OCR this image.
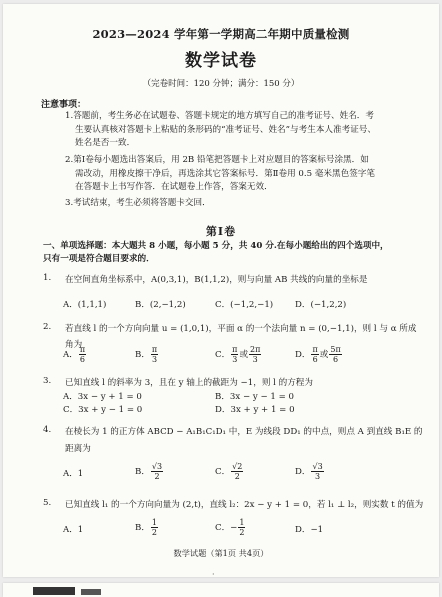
2023—2024 学年第一学期高二年期中质量检测
数学试卷
（完卷时间：120 分钟；满分：150 分）
注意事项：
1.答题前，考生务必在试题卷、答题卡规定的地方填写自己的准考证号、姓名．考
生要认真核对答题卡上粘贴的条形码的“准考证号、姓名”与考生本人准考证号、
姓名是否一致．
2.第Ⅰ卷每小题选出答案后，用 2B 铅笔把答题卡上对应题目的答案标号涂黑．如
需改动，用橡皮擦干净后，再选涂其它答案标号．第Ⅱ卷用 0.5 毫米黑色签字笔
在答题卡上书写作答．在试题卷上作答，答案无效．
3.考试结束，考生必须将答题卡交回．
第Ⅰ卷
一、单项选择题：本大题共 8 小题，每小题 5 分，共 40 分.在每小题给出的四个选项中，
只有一项是符合题目要求的．
1. 在空间直角坐标系中，A(0,3,1)，B(1,1,2)，则与向量 AB 共线的向量的坐标是
A．(1,1,1)	B．(2,−1,2)	C．(−1,2,−1)	D．(−1,2,2)
2. 若直线 l 的一个方向向量 u = (1,0,1)，平面 α 的一个法向量 n = (0,−1,1)，则 l 与 α 所成
角为
A． $\frac{\pi}{6}$	B． $\frac{\pi}{3}$	C． $\frac{\pi}{3}$ 或 $\frac{2\pi}{3}$	D． $\frac{\pi}{6}$ 或 $\frac{5\pi}{6}$
3. 已知直线 l 的斜率为 3，且在 y 轴上的截距为 −1，则 l 的方程为
A．3x − y + 1 = 0	B．3x − y − 1 = 0
C．3x + y − 1 = 0	D．3x + y + 1 = 0
4. 在棱长为 1 的正方体 ABCD − A₁B₁C₁D₁ 中，E 为线段 DD₁ 的中点，则点 A 到直线 B₁E 的
距离为
A．1	B． $\frac{√3}{2}$	C． $\frac{√2}{2}$	D． $\frac{√3}{3}$
5. 已知直线 l₁ 的一个方向向量为 (2,t)，直线 l₂：2x − y + 1 = 0，若 l₁ ⊥ l₂，则实数 t 的值为
A．1	B． $\frac{1}{2}$	C．− $\frac{1}{2}$	D．−1
数学试题（第1页 共4页）
·
